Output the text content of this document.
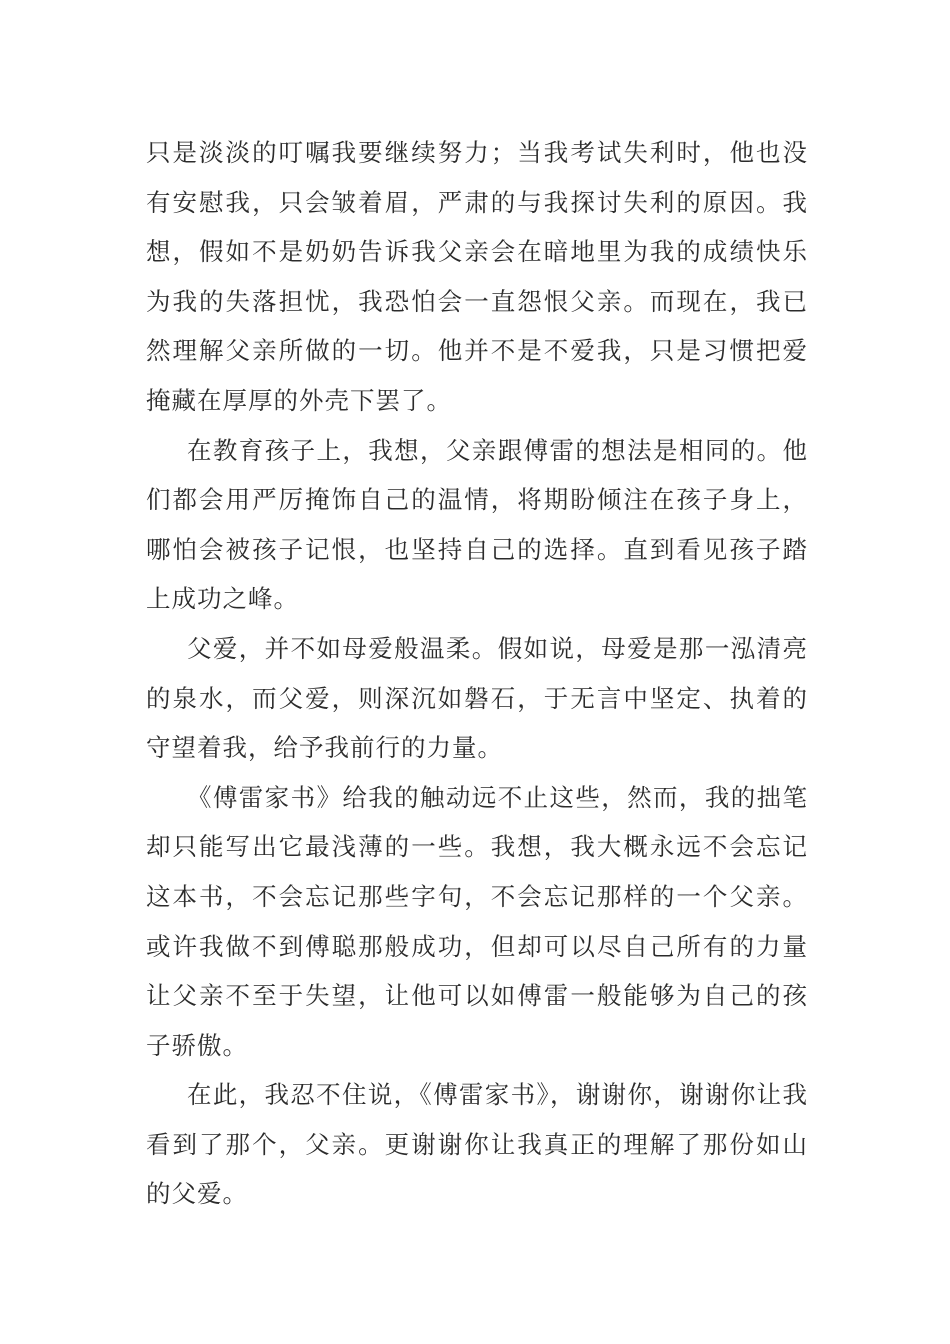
只是淡淡的叮嘱我要继续努力；当我考试失利时，他也没有安慰我，只会皱着眉，严肃的与我探讨失利的原因。我想，假如不是奶奶告诉我父亲会在暗地里为我的成绩快乐为我的失落担忧，我恐怕会一直怨恨父亲。而现在，我已然理解父亲所做的一切。他并不是不爱我，只是习惯把爱掩藏在厚厚的外壳下罢了。

在教育孩子上，我想，父亲跟傅雷的想法是相同的。他们都会用严厉掩饰自己的温情，将期盼倾注在孩子身上，哪怕会被孩子记恨，也坚持自己的选择。直到看见孩子踏上成功之峰。

父爱，并不如母爱般温柔。假如说，母爱是那一泓清亮的泉水，而父爱，则深沉如磐石，于无言中坚定、执着的守望着我，给予我前行的力量。

《傅雷家书》给我的触动远不止这些，然而，我的拙笔却只能写出它最浅薄的一些。我想，我大概永远不会忘记这本书，不会忘记那些字句，不会忘记那样的一个父亲。或许我做不到傅聪那般成功，但却可以尽自己所有的力量让父亲不至于失望，让他可以如傅雷一般能够为自己的孩子骄傲。

在此，我忍不住说，《傅雷家书》，谢谢你，谢谢你让我看到了那个，父亲。更谢谢你让我真正的理解了那份如山的父爱。
